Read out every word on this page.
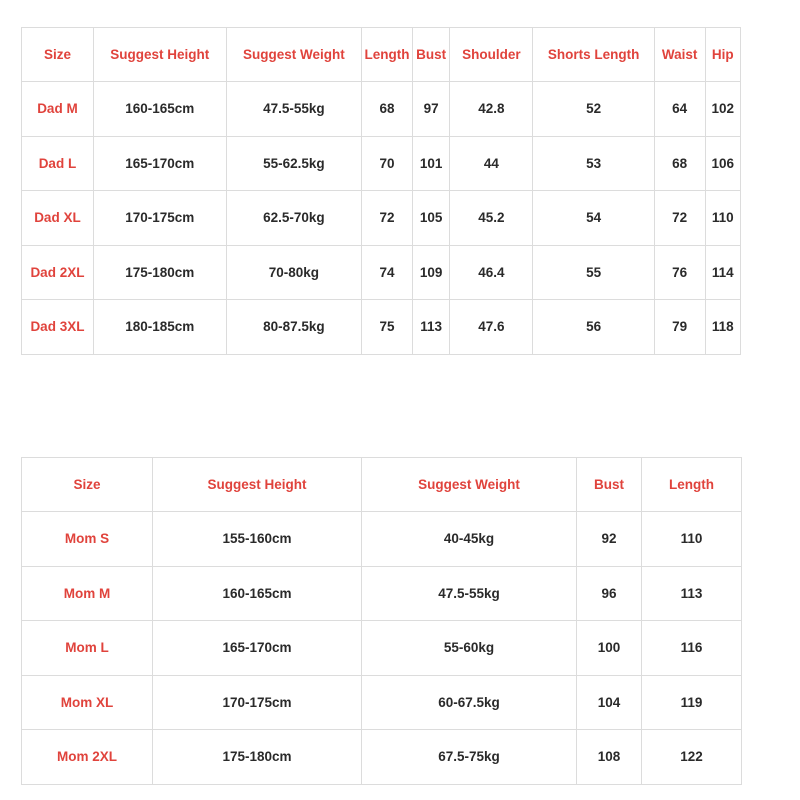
Size	Suggest Height	Suggest Weight	Length	Bust	Shoulder	Shorts Length	Waist	Hip
Dad M	160-165cm	47.5-55kg	68	97	42.8	52	64	102
Dad L	165-170cm	55-62.5kg	70	101	44	53	68	106
Dad XL	170-175cm	62.5-70kg	72	105	45.2	54	72	110
Dad 2XL	175-180cm	70-80kg	74	109	46.4	55	76	114
Dad 3XL	180-185cm	80-87.5kg	75	113	47.6	56	79	118
Size	Suggest Height	Suggest Weight	Bust	Length
Mom S	155-160cm	40-45kg	92	110
Mom M	160-165cm	47.5-55kg	96	113
Mom L	165-170cm	55-60kg	100	116
Mom XL	170-175cm	60-67.5kg	104	119
Mom 2XL	175-180cm	67.5-75kg	108	122
